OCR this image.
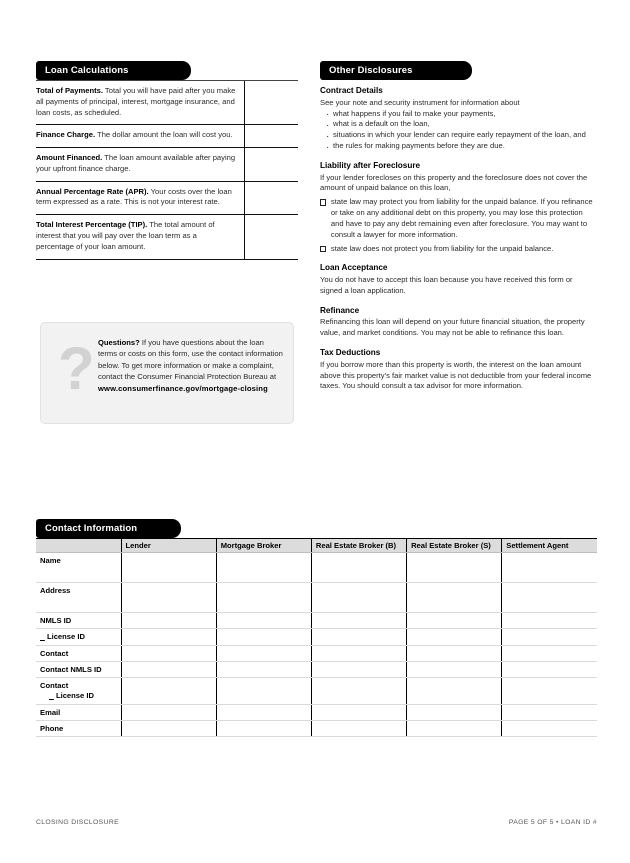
Loan Calculations
Total of Payments. Total you will have paid after you make all payments of principal, interest, mortgage insurance, and loan costs, as scheduled.
Finance Charge. The dollar amount the loan will cost you.
Amount Financed. The loan amount available after paying your upfront finance charge.
Annual Percentage Rate (APR). Your costs over the loan term expressed as a rate. This is not your interest rate.
Total Interest Percentage (TIP). The total amount of interest that you will pay over the loan term as a percentage of your loan amount.
? Questions? If you have questions about the loan terms or costs on this form, use the contact information below. To get more information or make a complaint, contact the Consumer Financial Protection Bureau at www.consumerfinance.gov/mortgage-closing
Other Disclosures
Contract Details
See your note and security instrument for information about
· what happens if you fail to make your payments,
· what is a default on the loan,
· situations in which your lender can require early repayment of the loan, and
· the rules for making payments before they are due.
Liability after Foreclosure
If your lender forecloses on this property and the foreclosure does not cover the amount of unpaid balance on this loan,
state law may protect you from liability for the unpaid balance. If you refinance or take on any additional debt on this property, you may lose this protection and have to pay any debt remaining even after foreclosure. You may want to consult a lawyer for more information.
state law does not protect you from liability for the unpaid balance.
Loan Acceptance
You do not have to accept this loan because you have received this form or signed a loan application.
Refinance
Refinancing this loan will depend on your future financial situation, the property value, and market conditions. You may not be able to refinance this loan.
Tax Deductions
If you borrow more than this property is worth, the interest on the loan amount above this property’s fair market value is not deductible from your federal income taxes. You should consult a tax advisor for more information.
Contact Information
	Lender	Mortgage Broker	Real Estate Broker (B)	Real Estate Broker (S)	Settlement Agent
Name					
Address					
NMLS ID					
License ID					
Contact					
Contact NMLS ID					
Contact
License ID					

Email					
Phone					
CLOSING DISCLOSURE	PAGE 5 OF 5 • LOAN ID #
